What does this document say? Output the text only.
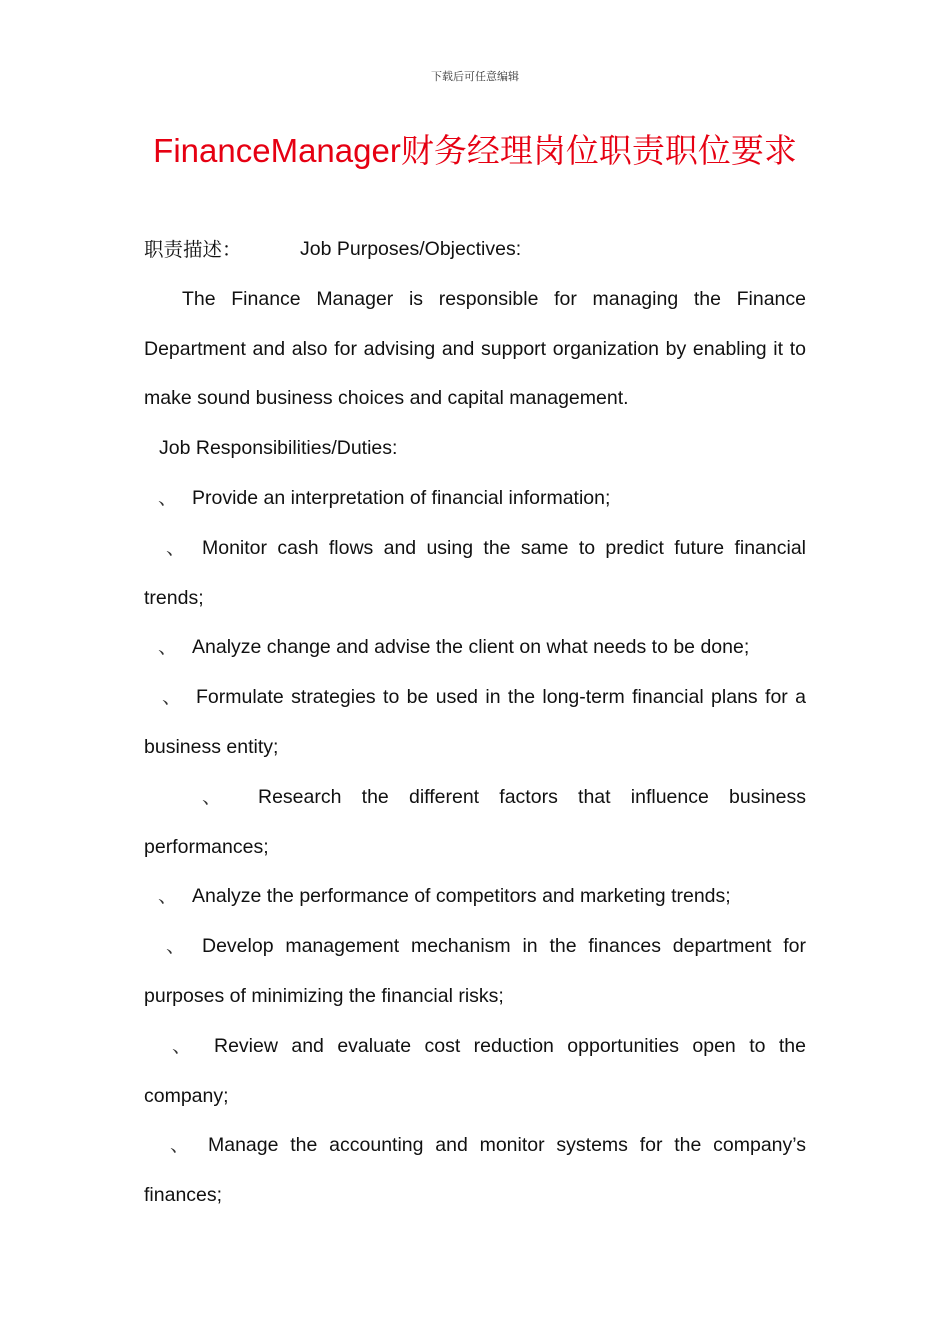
下载后可任意编辑
FinanceManager财务经理岗位职责职位要求

职责描述：	Job Purposes/Objectives:

The Finance Manager is responsible for managing the Finance Department and also for advising and support organization by enabling it to make sound business choices and capital management.

Job Responsibilities/Duties:

、 Provide an interpretation of financial information;

、 Monitor cash flows and using the same to predict future financial trends;

、 Analyze change and advise the client on what needs to be done;

、 Formulate strategies to be used in the long-term financial plans for a business entity;

、 Research the different factors that influence business performances;

、 Analyze the performance of competitors and marketing trends;

、 Develop management mechanism in the finances department for purposes of minimizing the financial risks;

、 Review and evaluate cost reduction opportunities open to the company;

、 Manage the accounting and monitor systems for the company’s finances;
